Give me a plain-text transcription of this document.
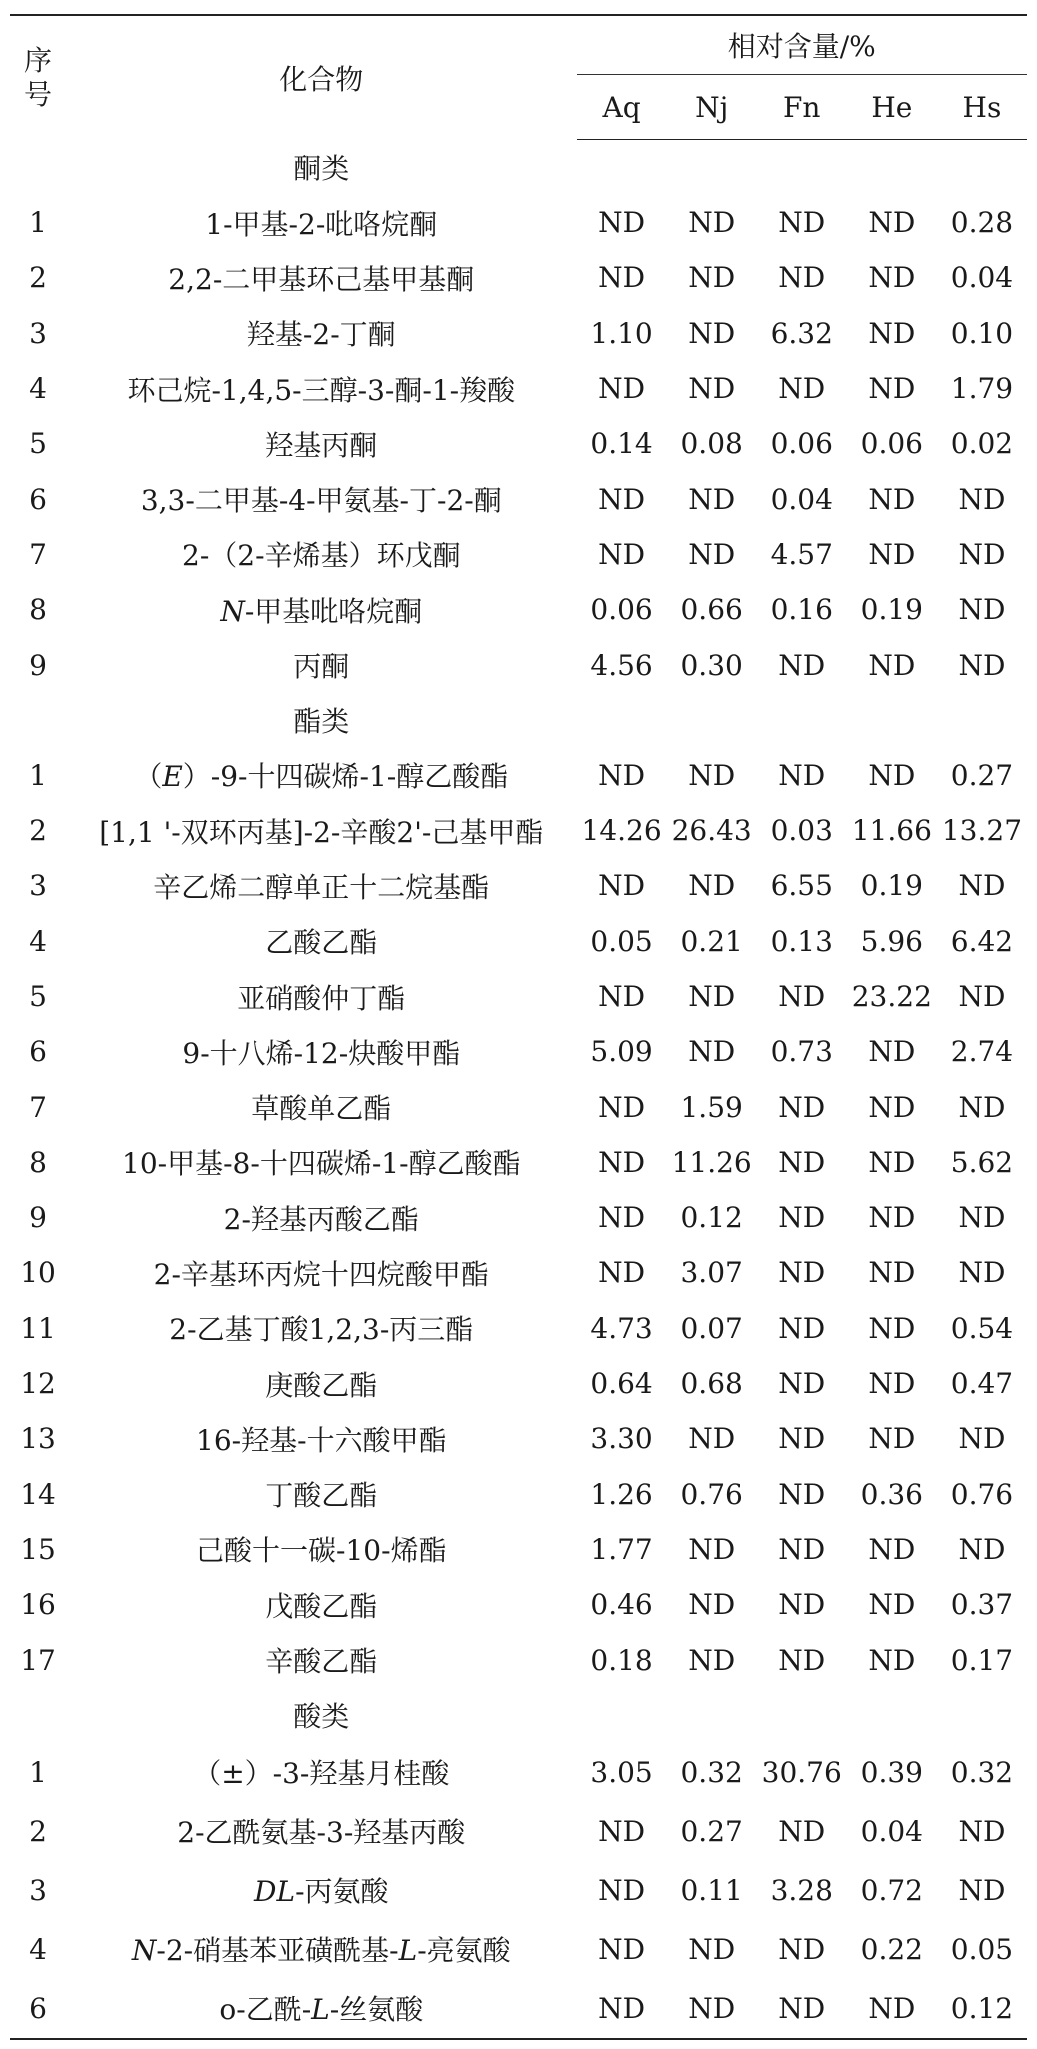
序
号	化合物	相对含量/%				
		Aq	Nj	Fn	He	Hs
	酮类					
1	1-甲基-2-吡咯烷酮	ND	ND	ND	ND	0.28
2	2,2-二甲基环己基甲基酮	ND	ND	ND	ND	0.04
3	羟基-2-丁酮	1.10	ND	6.32	ND	0.10
4	环己烷-1,4,5-三醇-3-酮-1-羧酸	ND	ND	ND	ND	1.79
5	羟基丙酮	0.14	0.08	0.06	0.06	0.02
6	3,3-二甲基-4-甲氨基-丁-2-酮	ND	ND	0.04	ND	ND
7	2-（2-辛烯基）环戊酮	ND	ND	4.57	ND	ND
8	N-甲基吡咯烷酮	0.06	0.66	0.16	0.19	ND
9	丙酮	4.56	0.30	ND	ND	ND
	酯类					
1	（E）-9-十四碳烯-1-醇乙酸酯	ND	ND	ND	ND	0.27
2	[1,1 '-双环丙基]-2-辛酸2'-己基甲酯	14.26	26.43	0.03	11.66	13.27
3	辛乙烯二醇单正十二烷基酯	ND	ND	6.55	0.19	ND
4	乙酸乙酯	0.05	0.21	0.13	5.96	6.42
5	亚硝酸仲丁酯	ND	ND	ND	23.22	ND
6	9-十八烯-12-炔酸甲酯	5.09	ND	0.73	ND	2.74
7	草酸单乙酯	ND	1.59	ND	ND	ND
8	10-甲基-8-十四碳烯-1-醇乙酸酯	ND	11.26	ND	ND	5.62
9	2-羟基丙酸乙酯	ND	0.12	ND	ND	ND
10	2-辛基环丙烷十四烷酸甲酯	ND	3.07	ND	ND	ND
11	2-乙基丁酸1,2,3-丙三酯	4.73	0.07	ND	ND	0.54
12	庚酸乙酯	0.64	0.68	ND	ND	0.47
13	16-羟基-十六酸甲酯	3.30	ND	ND	ND	ND
14	丁酸乙酯	1.26	0.76	ND	0.36	0.76
15	己酸十一碳-10-烯酯	1.77	ND	ND	ND	ND
16	戊酸乙酯	0.46	ND	ND	ND	0.37
17	辛酸乙酯	0.18	ND	ND	ND	0.17
	酸类					
1	（±）-3-羟基月桂酸	3.05	0.32	30.76	0.39	0.32
2	2-乙酰氨基-3-羟基丙酸	ND	0.27	ND	0.04	ND
3	DL-丙氨酸	ND	0.11	3.28	0.72	ND
4	N-2-硝基苯亚磺酰基-L-亮氨酸	ND	ND	ND	0.22	0.05
6	o-乙酰-L-丝氨酸	ND	ND	ND	ND	0.12
